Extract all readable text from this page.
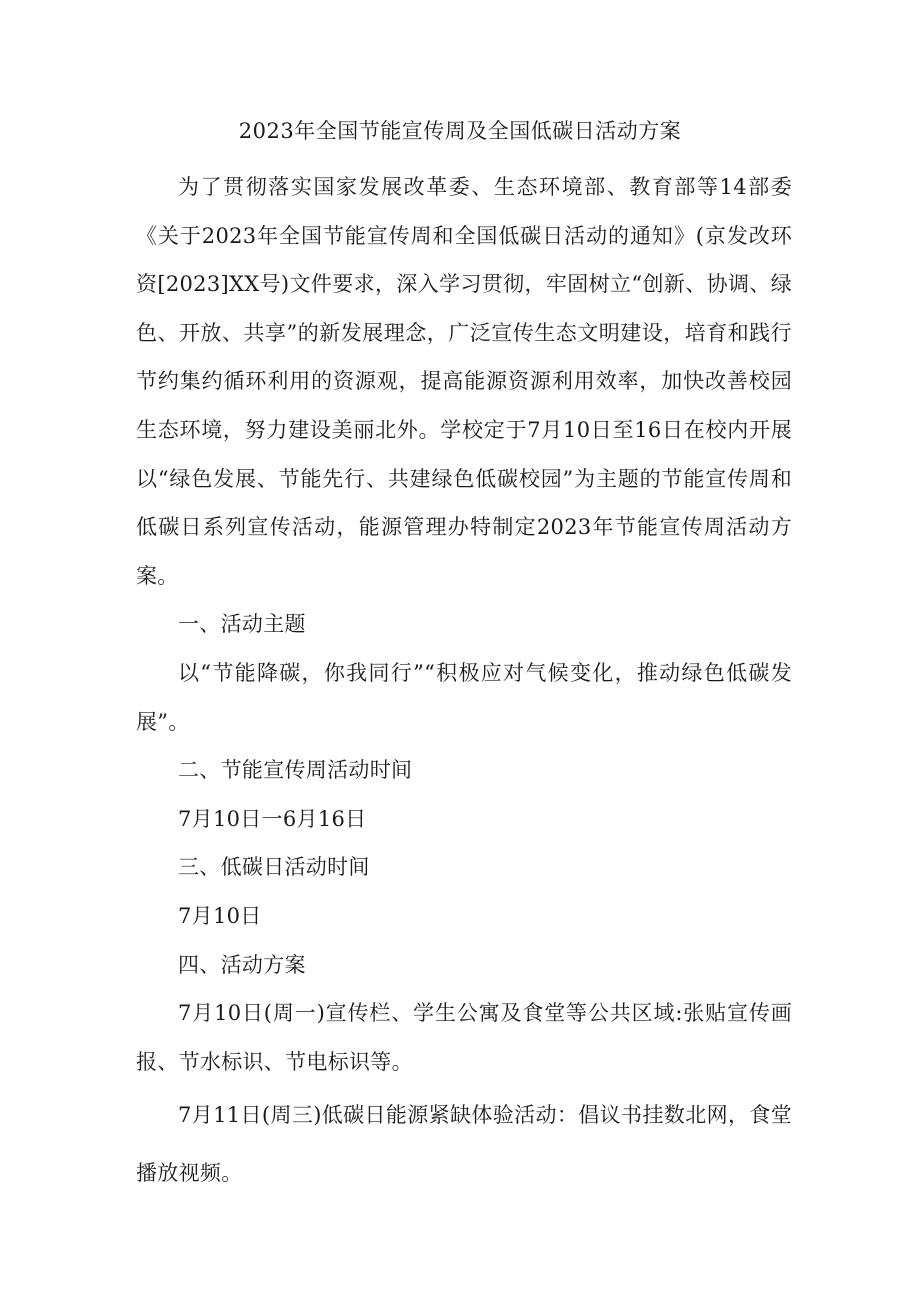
2023年全国节能宣传周及全国低碳日活动方案

为了贯彻落实国家发展改革委、生态环境部、教育部等14部委《关于2023年全国节能宣传周和全国低碳日活动的通知》(京发改环资[2023]XX号)文件要求，深入学习贯彻，牢固树立“创新、协调、绿色、开放、共享”的新发展理念，广泛宣传生态文明建设，培育和践行节约集约循环利用的资源观，提高能源资源利用效率，加快改善校园生态环境，努力建设美丽北外。学校定于7月10日至16日在校内开展以“绿色发展、节能先行、共建绿色低碳校园”为主题的节能宣传周和低碳日系列宣传活动，能源管理办特制定2023年节能宣传周活动方案。

一、活动主题

以“节能降碳，你我同行”“积极应对气候变化，推动绿色低碳发展”。

二、节能宣传周活动时间

7月10日一6月16日

三、低碳日活动时间

7月10日

四、活动方案

7月10日(周一)宣传栏、学生公寓及食堂等公共区域:张贴宣传画报、节水标识、节电标识等。

7月11日(周三)低碳日能源紧缺体验活动：倡议书挂数北网，食堂播放视频。
